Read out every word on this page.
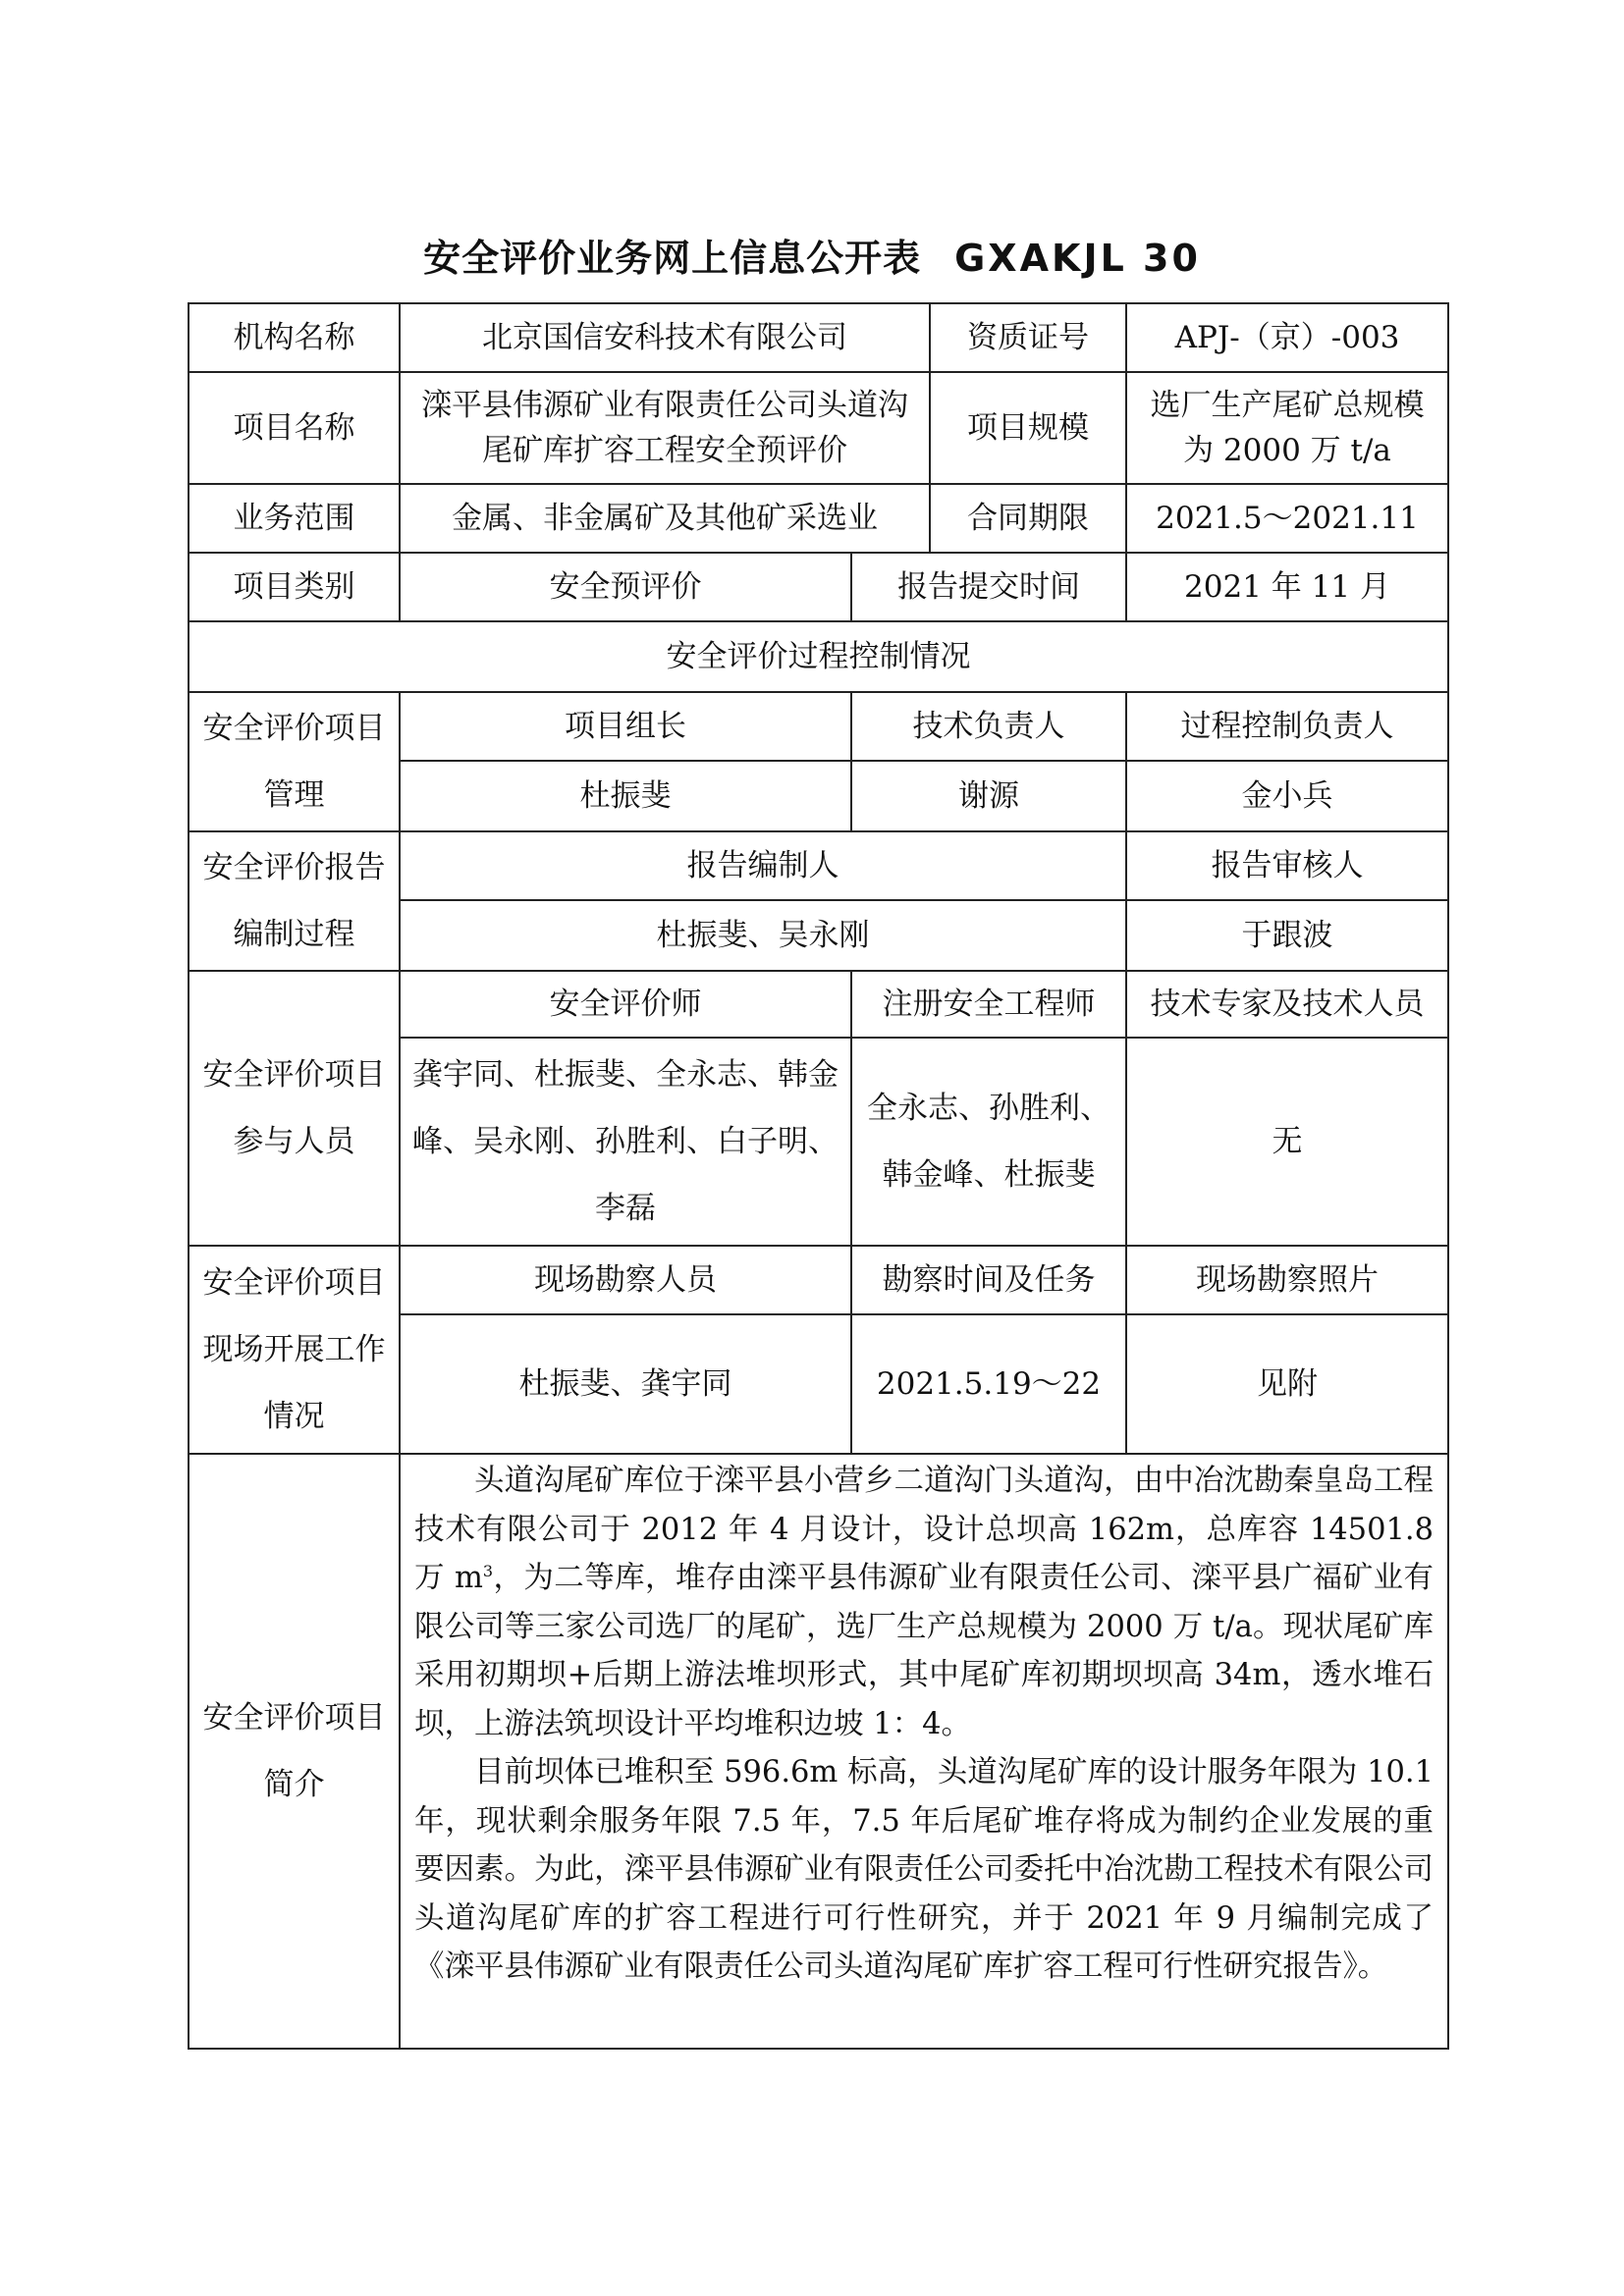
安全评价业务网上信息公开表 GXAKJL 30
机构名称	北京国信安科技术有限公司		资质证号	APJ-（京）-003
项目名称	滦平县伟源矿业有限责任公司头道沟尾矿库扩容工程安全预评价		项目规模	选厂生产尾矿总规模为 2000 万 t/a
业务范围	金属、非金属矿及其他矿采选业		合同期限	2021.5～2021.11
项目类别	安全预评价	报告提交时间		2021 年 11 月
安全评价过程控制情况				
安全评价项目管理	项目组长	技术负责人		过程控制负责人
	杜振斐	谢源		金小兵
安全评价报告编制过程	报告编制人			报告审核人
	杜振斐、吴永刚			于跟波
安全评价项目参与人员	安全评价师	注册安全工程师		技术专家及技术人员
	龚宇同、杜振斐、全永志、韩金峰、吴永刚、孙胜利、白子明、李磊	全永志、孙胜利、韩金峰、杜振斐		无
安全评价项目现场开展工作情况	现场勘察人员	勘察时间及任务		现场勘察照片
	杜振斐、龚宇同	2021.5.19～22		见附
安全评价项目简介	头道沟尾矿库位于滦平县小营乡二道沟门头道沟，由中冶沈勘秦皇岛工程技术有限公司于 2012 年 4 月设计，设计总坝高 162m，总库容 14501.8 万 $m^3$，为二等库，堆存由滦平县伟源矿业有限责任公司、滦平县广福矿业有限公司等三家公司选厂的尾矿，选厂生产总规模为 2000 万 t/a。现状尾矿库采用初期坝+后期上游法堆坝形式，其中尾矿库初期坝坝高 34m，透水堆石坝，上游法筑坝设计平均堆积边坡 1：4。

目前坝体已堆积至 596.6m 标高，头道沟尾矿库的设计服务年限为 10.1 年，现状剩余服务年限 7.5 年，7.5 年后尾矿堆存将成为制约企业发展的重要因素。为此，滦平县伟源矿业有限责任公司委托中冶沈勘工程技术有限公司头道沟尾矿库的扩容工程进行可行性研究，并于 2021 年 9 月编制完成了《滦平县伟源矿业有限责任公司头道沟尾矿库扩容工程可行性研究报告》。			
